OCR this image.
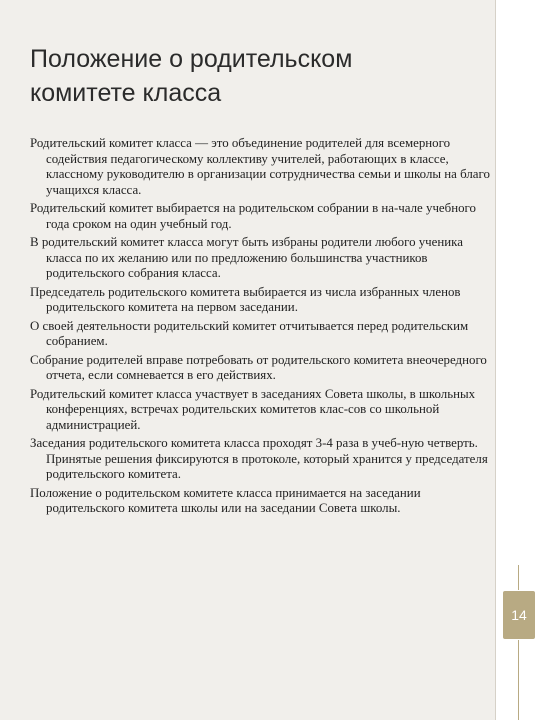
Положение о родительском
комитете класса

Родительский комитет класса — это объединение родителей для всемерного содействия педагогическому коллективу учителей, работающих в классе, классному руководителю в организации сотрудничества семьи и школы на благо учащихся класса.

Родительский комитет выбирается на родительском собрании в на-чале учебного года сроком на один учебный год.

В родительский комитет класса могут быть избраны родители любого ученика класса по их желанию или по предложению большинства участников родительского собрания класса.

Председатель родительского комитета выбирается из числа избранных членов родительского комитета на первом заседании.

О своей деятельности родительский комитет отчитывается перед родительским собранием.

Собрание родителей вправе потребовать от родительского комитета внеочередного отчета, если сомневается в его действиях.

Родительский комитет класса участвует в заседаниях Совета школы, в школьных конференциях, встречах родительских комитетов клас-сов со школьной администрацией.

Заседания родительского комитета класса проходят 3-4 раза в учеб-ную четверть. Принятые решения фиксируются в протоколе, который хранится у председателя родительского комитета.

Положение о родительском комитете класса принимается на заседании родительского комитета школы или на заседании Совета школы.

14
